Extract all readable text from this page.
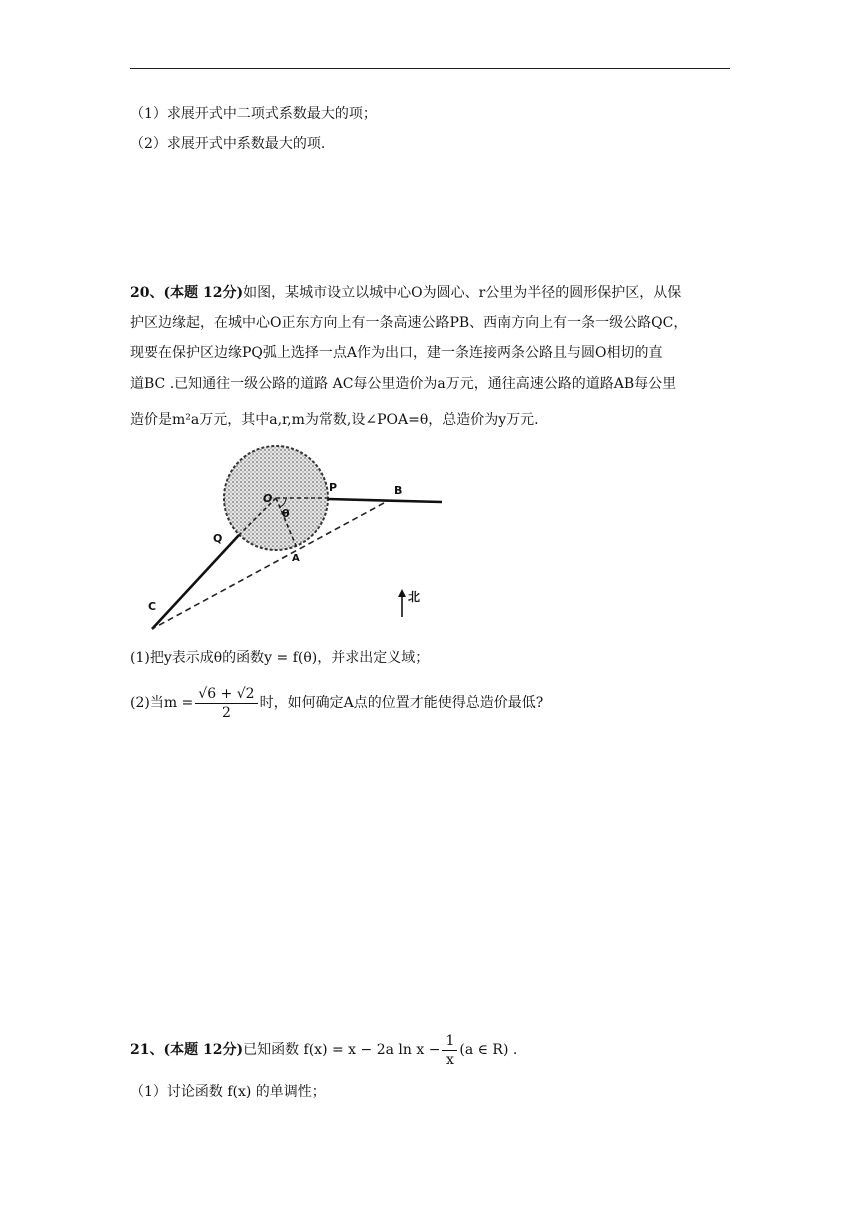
（1）求展开式中二项式系数最大的项；
（2）求展开式中系数最大的项.
20、(本题 12分)如图，某城市设立以城中心O为圆心、r公里为半径的圆形保护区，从保
护区边缘起，在城中心O正东方向上有一条高速公路PB、西南方向上有一条一级公路QC，
现要在保护区边缘PQ弧上选择一点A作为出口，建一条连接两条公路且与圆O相切的直
道BC .已知通往一级公路的道路 AC每公里造价为a万元，通往高速公路的道路AB每公里
造价是m²a万元，其中a,r,m为常数,设∠POA=θ，总造价为y万元.
O
θ
P	B
Q
A
C
北
(1)把y表示成θ的函数y = f(θ)，并求出定义域；
(2)当$m = \frac{√6 + √2}{2}$ 时，如何确定A点的位置才能使得总造价最低?
21、(本题 12分)已知函数 f(x) = x − 2a $\ln x - \frac{1}{x} (a$ ∈ R) .
（1）讨论函数 f(x) 的单调性；
